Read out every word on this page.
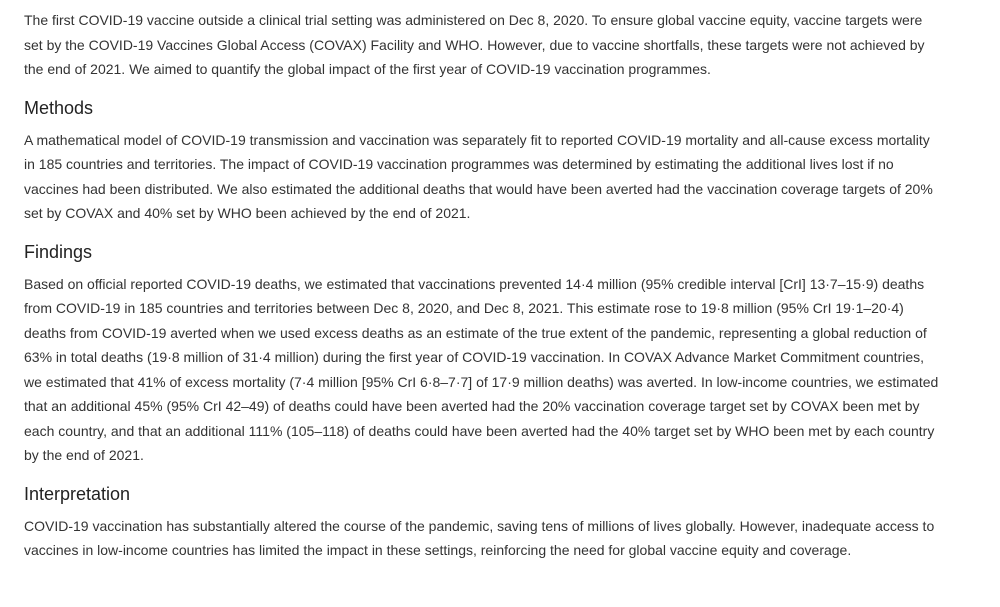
The first COVID-19 vaccine outside a clinical trial setting was administered on Dec 8, 2020. To ensure global vaccine equity, vaccine targets were set by the COVID-19 Vaccines Global Access (COVAX) Facility and WHO. However, due to vaccine shortfalls, these targets were not achieved by the end of 2021. We aimed to quantify the global impact of the first year of COVID-19 vaccination programmes.

Methods

A mathematical model of COVID-19 transmission and vaccination was separately fit to reported COVID-19 mortality and all-cause excess mortality in 185 countries and territories. The impact of COVID-19 vaccination programmes was determined by estimating the additional lives lost if no vaccines had been distributed. We also estimated the additional deaths that would have been averted had the vaccination coverage targets of 20% set by COVAX and 40% set by WHO been achieved by the end of 2021.

Findings

Based on official reported COVID-19 deaths, we estimated that vaccinations prevented 14·4 million (95% credible interval [CrI] 13·7–15·9) deaths from COVID-19 in 185 countries and territories between Dec 8, 2020, and Dec 8, 2021. This estimate rose to 19·8 million (95% CrI 19·1–20·4) deaths from COVID-19 averted when we used excess deaths as an estimate of the true extent of the pandemic, representing a global reduction of 63% in total deaths (19·8 million of 31·4 million) during the first year of COVID-19 vaccination. In COVAX Advance Market Commitment countries, we estimated that 41% of excess mortality (7·4 million [95% CrI 6·8–7·7] of 17·9 million deaths) was averted. In low-income countries, we estimated that an additional 45% (95% CrI 42–49) of deaths could have been averted had the 20% vaccination coverage target set by COVAX been met by each country, and that an additional 111% (105–118) of deaths could have been averted had the 40% target set by WHO been met by each country by the end of 2021.

Interpretation

COVID-19 vaccination has substantially altered the course of the pandemic, saving tens of millions of lives globally. However, inadequate access to vaccines in low-income countries has limited the impact in these settings, reinforcing the need for global vaccine equity and coverage.
